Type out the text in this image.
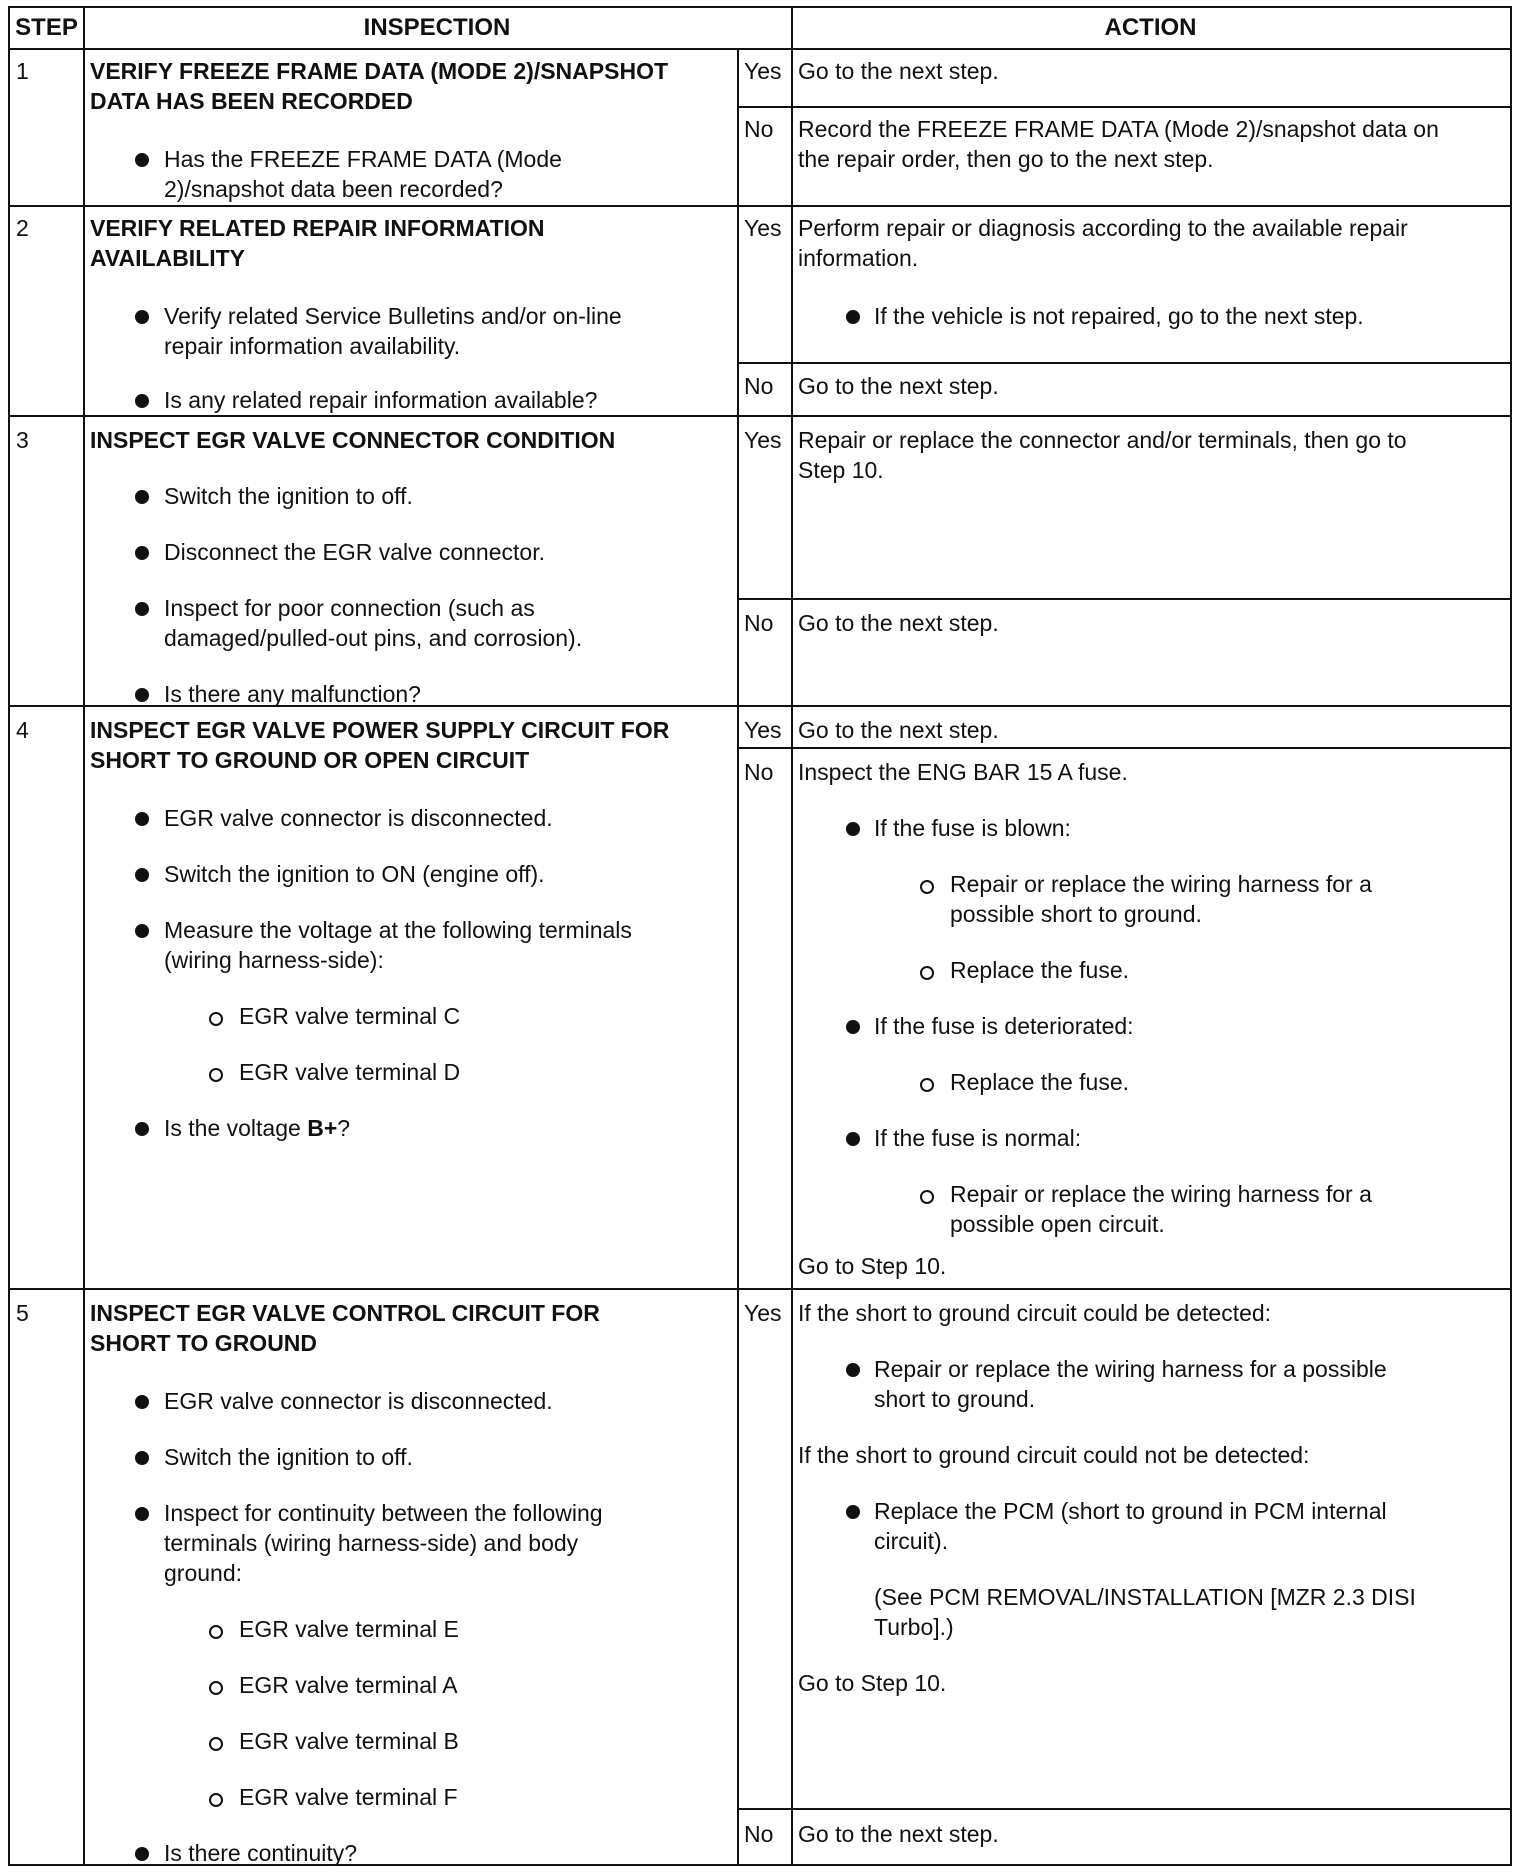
STEP	INSPECTION	ACTION
1	VERIFY FREEZE FRAME DATA (MODE 2)/SNAPSHOT
DATA HAS BEEN RECORDED
Has the FREEZE FRAME DATA (Mode
2)/snapshot data been recorded?
Yes Go to the next step.
No Record the FREEZE FRAME DATA (Mode 2)/snapshot data on
the repair order, then go to the next step.
2	VERIFY RELATED REPAIR INFORMATION
AVAILABILITY
Verify related Service Bulletins and/or on-line
repair information availability.
Is any related repair information available?
Yes Perform repair or diagnosis according to the available repair
information.
If the vehicle is not repaired, go to the next step.
No Go to the next step.
3	INSPECT EGR VALVE CONNECTOR CONDITION
Switch the ignition to off.
Disconnect the EGR valve connector.
Inspect for poor connection (such as
damaged/pulled-out pins, and corrosion).
Is there any malfunction?
Yes Repair or replace the connector and/or terminals, then go to
Step 10.
No Go to the next step.
4	INSPECT EGR VALVE POWER SUPPLY CIRCUIT FOR
SHORT TO GROUND OR OPEN CIRCUIT
EGR valve connector is disconnected.
Switch the ignition to ON (engine off).
Measure the voltage at the following terminals
(wiring harness-side):
EGR valve terminal C
EGR valve terminal D
Is the voltage B+?
Yes Go to the next step.
No Inspect the ENG BAR 15 A fuse.
If the fuse is blown:
Repair or replace the wiring harness for a
possible short to ground.
Replace the fuse.
If the fuse is deteriorated:
Replace the fuse.
If the fuse is normal:
Repair or replace the wiring harness for a
possible open circuit.
Go to Step 10.
5	INSPECT EGR VALVE CONTROL CIRCUIT FOR
SHORT TO GROUND
EGR valve connector is disconnected.
Switch the ignition to off.
Inspect for continuity between the following
terminals (wiring harness-side) and body
ground:
EGR valve terminal E
EGR valve terminal A
EGR valve terminal B
EGR valve terminal F
Is there continuity?
Yes If the short to ground circuit could be detected:
Repair or replace the wiring harness for a possible
short to ground.
If the short to ground circuit could not be detected:
Replace the PCM (short to ground in PCM internal
circuit).
(See PCM REMOVAL/INSTALLATION [MZR 2.3 DISI
Turbo].)
Go to Step 10.
No Go to the next step.
